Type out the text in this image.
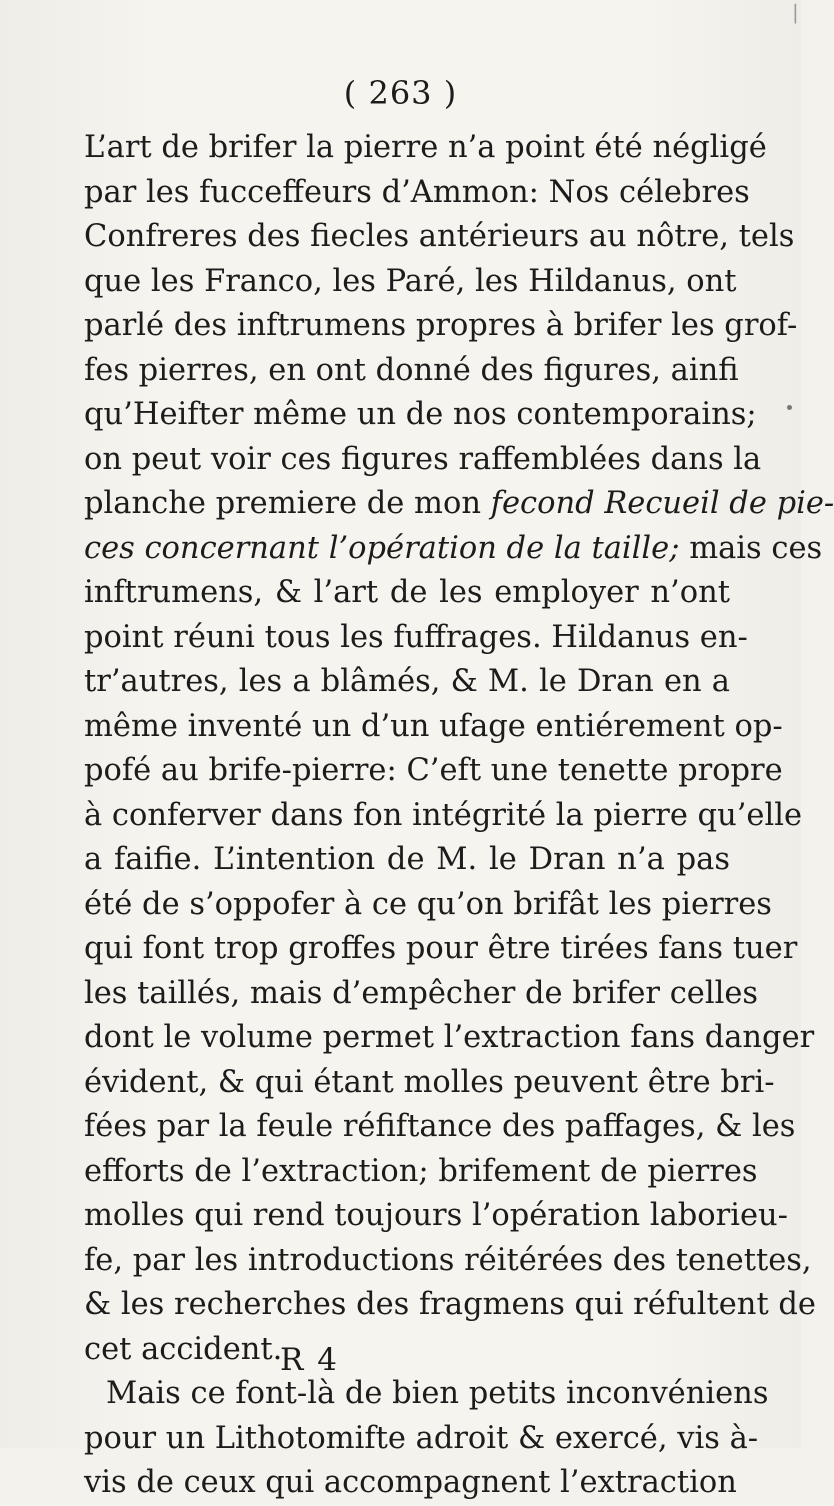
|
( 263 )
L’art de brifer la pierre n’a point été négligé
par les fucceffeurs d’Ammon: Nos célebres
Confreres des fiecles antérieurs au nôtre, tels
que les Franco, les Paré, les Hildanus, ont
parlé des inftrumens propres à brifer les grof-
fes pierres, en ont donné des figures, ainfi
qu’Heifter même un de nos contemporains;
on peut voir ces figures raffemblées dans la
planche premiere de mon fecond Recueil de pie-
ces concernant l’opération de la taille; mais ces
inftrumens, & l’art de les employer n’ont
point réuni tous les fuffrages. Hildanus en-
tr’autres, les a blâmés, & M. le Dran en a
même inventé un d’un ufage entiérement op-
pofé au brife-pierre: C’eft une tenette propre
à conferver dans fon intégrité la pierre qu’elle
a faifie. L’intention de M. le Dran n’a pas
été de s’oppofer à ce qu’on brifât les pierres
qui font trop groffes pour être tirées fans tuer
les taillés, mais d’empêcher de brifer celles
dont le volume permet l’extraction fans danger
évident, & qui étant molles peuvent être bri-
fées par la feule réfiftance des paffages, & les
efforts de l’extraction; brifement de pierres
molles qui rend toujours l’opération laborieu-
fe, par les introductions réitérées des tenettes,
& les recherches des fragmens qui réfultent de
cet accident.
Mais ce font-là de bien petits inconvéniens
pour un Lithotomifte adroit & exercé, vis à-
vis de ceux qui accompagnent l’extraction
R 4
